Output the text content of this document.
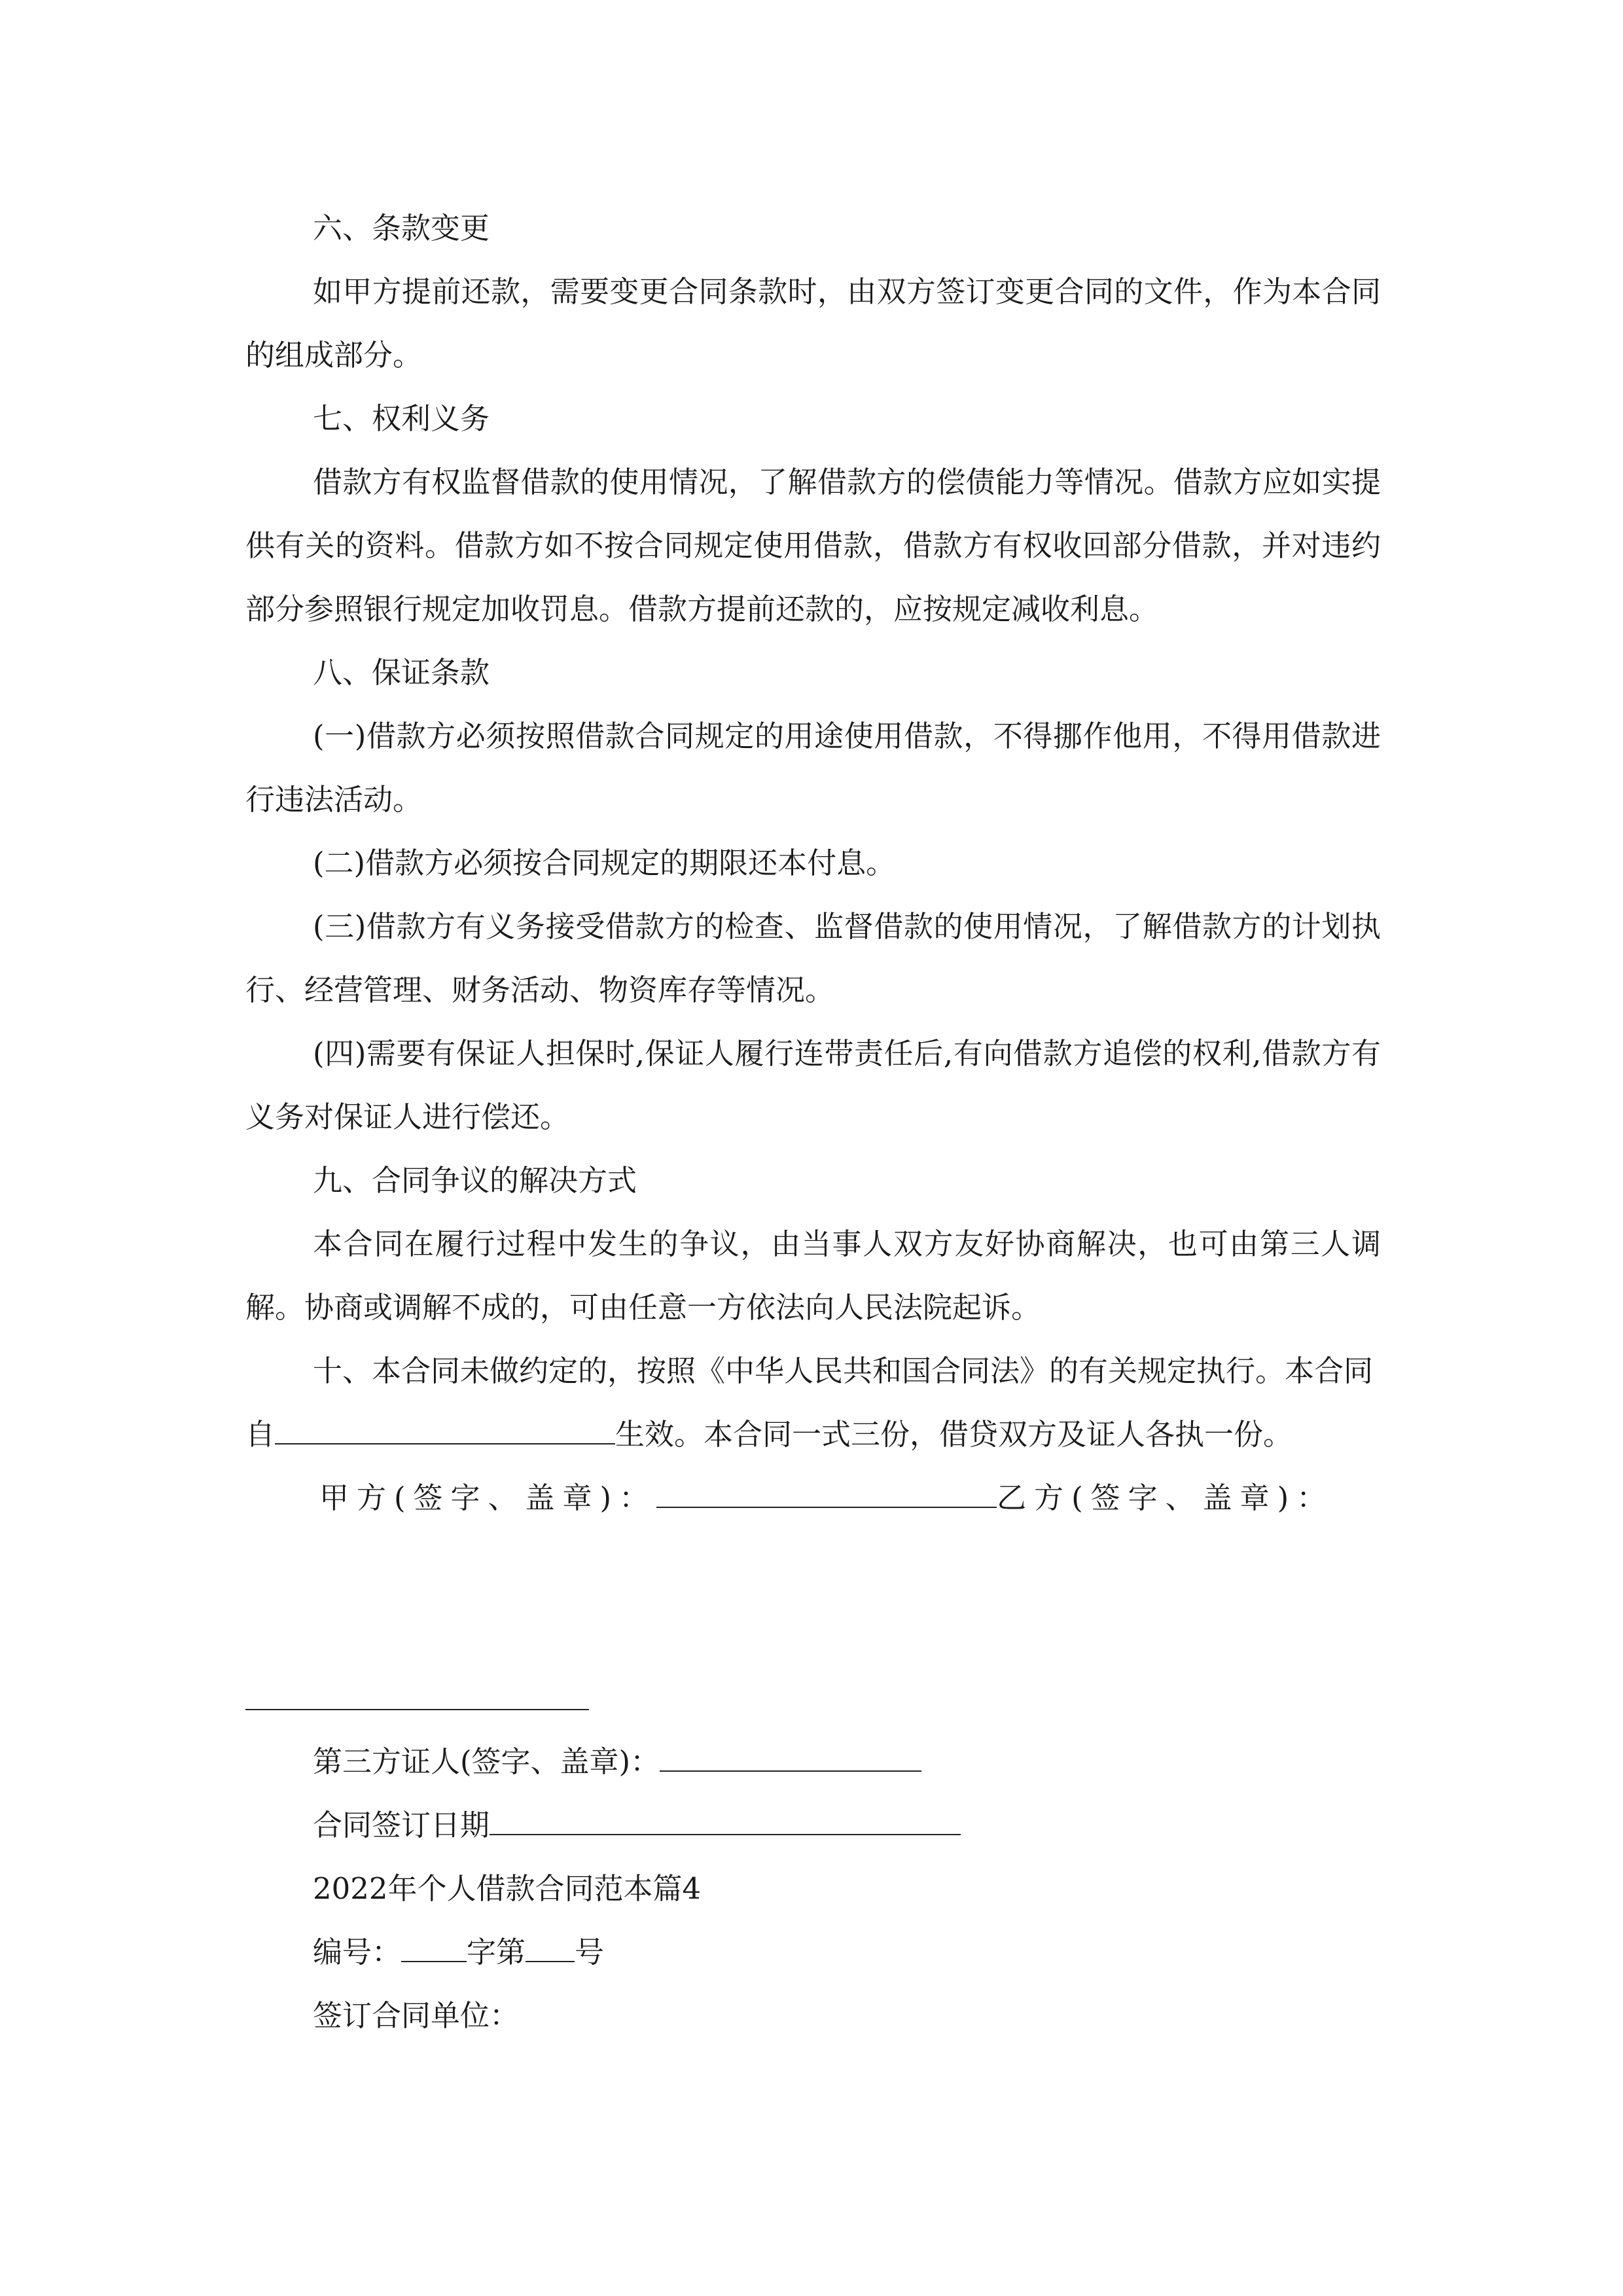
六、条款变更

如甲方提前还款，需要变更合同条款时，由双方签订变更合同的文件，作为本合同的组成部分。

七、权利义务

借款方有权监督借款的使用情况，了解借款方的偿债能力等情况。借款方应如实提供有关的资料。借款方如不按合同规定使用借款，借款方有权收回部分借款，并对违约部分参照银行规定加收罚息。借款方提前还款的，应按规定减收利息。

八、保证条款

(一)借款方必须按照借款合同规定的用途使用借款，不得挪作他用，不得用借款进行违法活动。

(二)借款方必须按合同规定的期限还本付息。

(三)借款方有义务接受借款方的检查、监督借款的使用情况，了解借款方的计划执行、经营管理、财务活动、物资库存等情况。

(四)需要有保证人担保时,保证人履行连带责任后,有向借款方追偿的权利,借款方有义务对保证人进行偿还。

九、合同争议的解决方式

本合同在履行过程中发生的争议，由当事人双方友好协商解决，也可由第三人调解。协商或调解不成的，可由任意一方依法向人民法院起诉。

十、本合同未做约定的，按照《中华人民共和国合同法》的有关规定执行。本合同自	生效。本合同一式三份，借贷双方及证人各执一份。

甲方(签字、盖章)：	乙方(签字、盖章)：

第三方证人(签字、盖章)：

合同签订日期

2022年个人借款合同范本篇4

编号： 字第 号

签订合同单位：
